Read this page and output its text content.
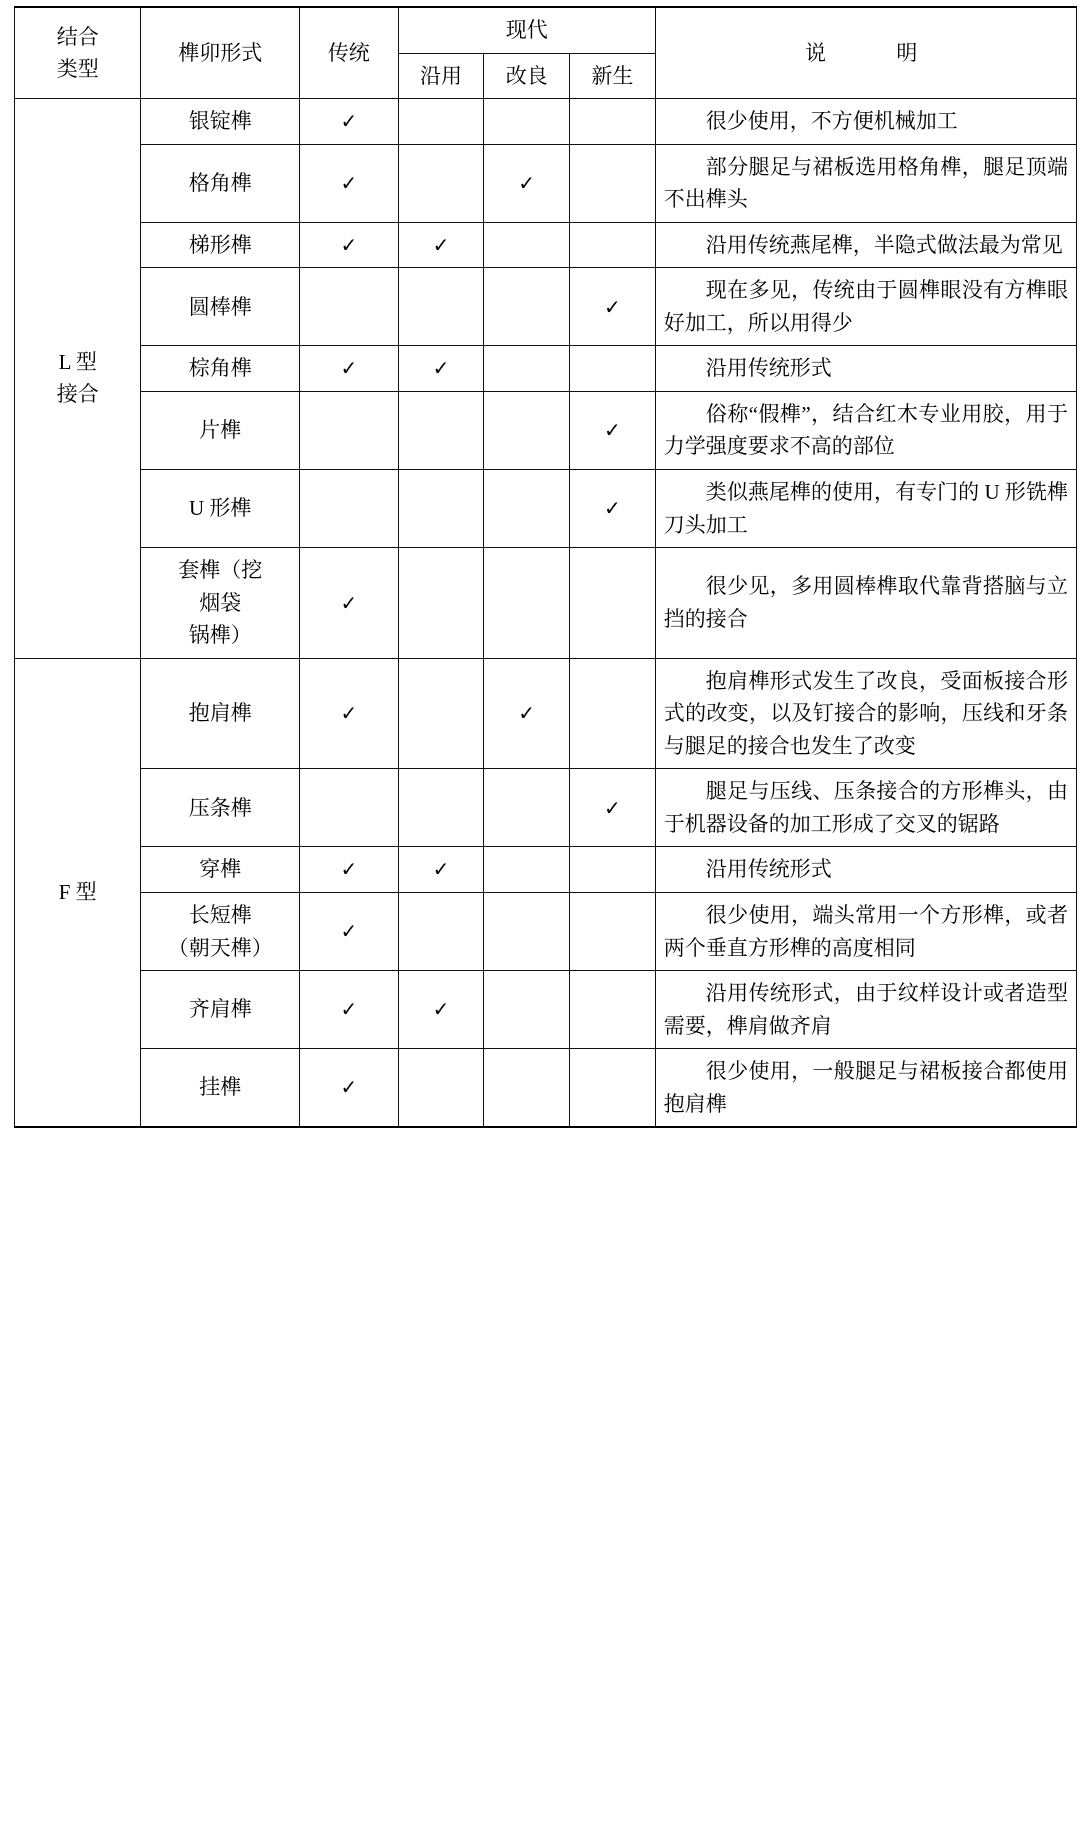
结合
类型	榫卯形式	传统	现代			说　　明
			沿用	改良	新生	

L 型
接合	银锭榫	✓				很少使用，不方便机械加工
	格角榫	✓		✓		部分腿足与裙板选用格角榫，腿足顶端不出榫头
	梯形榫	✓	✓			沿用传统燕尾榫，半隐式做法最为常见
	圆棒榫				✓	现在多见，传统由于圆榫眼没有方榫眼好加工，所以用得少
	棕角榫	✓	✓			沿用传统形式
	片榫				✓	俗称“假榫”，结合红木专业用胶，用于力学强度要求不高的部位
	U 形榫				✓	类似燕尾榫的使用，有专门的 U 形铣榫刀头加工

	套榫（挖
烟袋
锅榫）	✓				很少见，多用圆棒榫取代靠背搭脑与立挡的接合

F 型	抱肩榫	✓		✓		抱肩榫形式发生了改良，受面板接合形式的改变，以及钉接合的影响，压线和牙条与腿足的接合也发生了改变
	压条榫				✓	腿足与压线、压条接合的方形榫头，由于机器设备的加工形成了交叉的锯路
	穿榫	✓	✓			沿用传统形式

	长短榫
（朝天榫）	✓				很少使用，端头常用一个方形榫，或者两个垂直方形榫的高度相同
	齐肩榫	✓	✓			沿用传统形式，由于纹样设计或者造型需要，榫肩做齐肩
	挂榫	✓				很少使用，一般腿足与裙板接合都使用抱肩榫
